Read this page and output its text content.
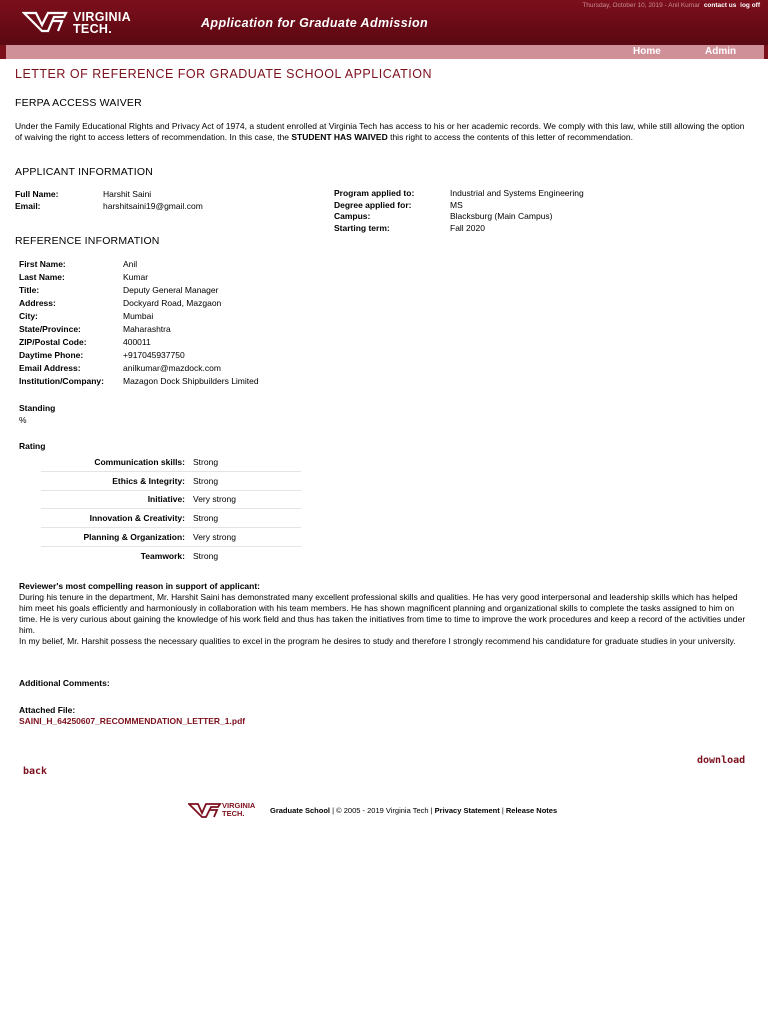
VIRGINIA
TECH.	Application for Graduate Admission
Thursday, October 10, 2019 - Anil Kumar contact us log off
Home	Admin
LETTER OF REFERENCE FOR GRADUATE SCHOOL APPLICATION
FERPA ACCESS WAIVER
Under the Family Educational Rights and Privacy Act of 1974, a student enrolled at Virginia Tech has access to his or her academic records. We comply with this law, while still allowing the option of waiving the right to access letters of recommendation. In this case, the STUDENT HAS WAIVED this right to access the contents of this letter of recommendation.
APPLICANT INFORMATION
Full Name:	Harshit Saini
Email:	harshitsaini19@gmail.com
Program applied to:	Industrial and Systems Engineering
Degree applied for:	MS
Campus:	Blacksburg (Main Campus)
Starting term:	Fall 2020
REFERENCE INFORMATION
First Name:	Anil
Last Name:	Kumar
Title:	Deputy General Manager
Address:	Dockyard Road, Mazgaon
City:	Mumbai
State/Province:	Maharashtra
ZIP/Postal Code:	400011
Daytime Phone:	+917045937750
Email Address:	anilkumar@mazdock.com
Institution/Company: Mazagon Dock Shipbuilders Limited
Standing
%
Rating
Communication skills: Strong
Ethics & Integrity: Strong
Initiative: Very strong
Innovation & Creativity: Strong
Planning & Organization: Very strong
Teamwork: Strong
Reviewer's most compelling reason in support of applicant:
During his tenure in the department, Mr. Harshit Saini has demonstrated many excellent professional skills and qualities. He has very good interpersonal and leadership skills which has helped him meet his goals efficiently and harmoniously in collaboration with his team members. He has shown magnificent planning and organizational skills to complete the tasks assigned to him on time. He is very curious about gaining the knowledge of his work field and thus has taken the initiatives from time to time to improve the work procedures and keep a record of the activities under him.
In my belief, Mr. Harshit possess the necessary qualities to excel in the program he desires to study and therefore I strongly recommend his candidature for graduate studies in your university.
Additional Comments:
Attached File:
SAINI_H_64250607_RECOMMENDATION_LETTER_1.pdf
download
back
VIRGINIA
TECH.	Graduate School | © 2005 - 2019 Virginia Tech | Privacy Statement | Release Notes
